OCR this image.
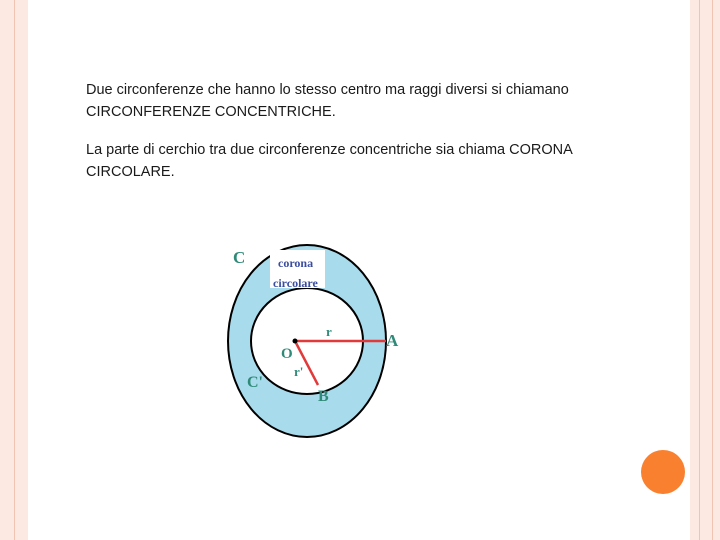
Due circonferenze che hanno lo stesso centro ma raggi diversi si chiamano CIRCONFERENZE CONCENTRICHE.

La parte di cerchio tra due circonferenze concentriche sia chiama CORONA CIRCOLARE.

C	corona
circolare
r	A
O
C'
r'
B
